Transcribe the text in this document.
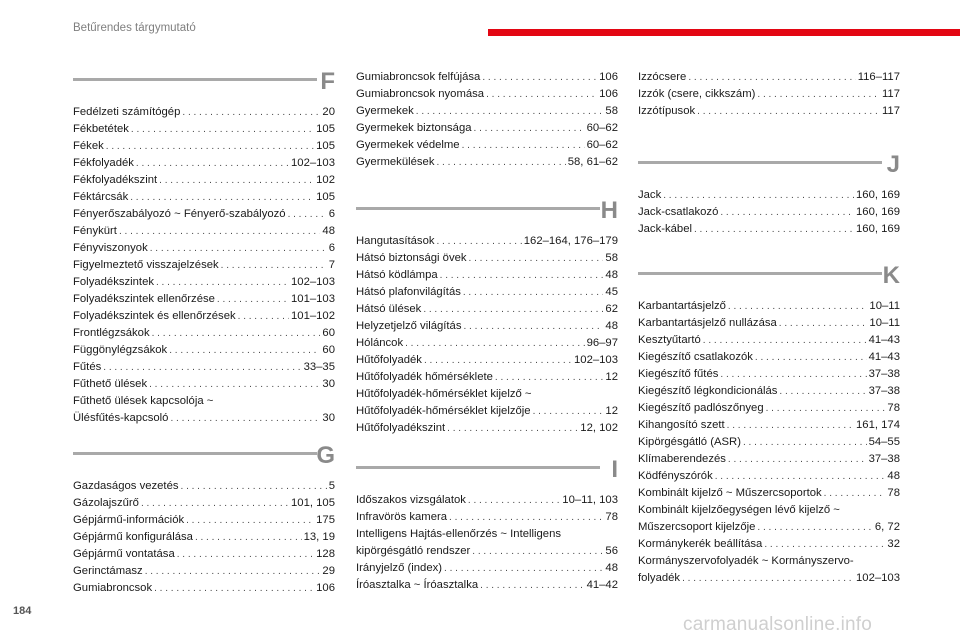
Betűrendes tárgymutató
F
Fedélzeti számítógép . . .	20
Fékbetétek . . .	105
Fékek . . .	105
Fékfolyadék . . .	102–103
Fékfolyadékszint . . .	102
Féktárcsák . . .	105
Fényerőszabályozó ~ Fényerő-szabályozó . . .	6
Fénykürt . . .	48
Fényviszonyok . . .	6
Figyelmeztető visszajelzések . . .	7
Folyadékszintek . . .	102–103
Folyadékszintek ellenőrzése . . .	101–103
Folyadékszintek és ellenőrzések . . .	101–102
Frontlégzsákok . . .	60
Függönylégzsákok . . .	60
Fűtés . . .	33–35
Fűthető ülések . . .	30
Fűthető ülések kapcsolója ~
Ülésfűtés-kapcsoló . . .	30
G
Gazdaságos vezetés . . .	5
Gázolajszűrő . . .	101, 105
Gépjármű-információk . . .	175
Gépjármű konfigurálása . . .	13, 19
Gépjármű vontatása . . .	128
Gerinctámasz . . .	29
Gumiabroncsok . . .	106
Gumiabroncsok felfújása . . .	106
Gumiabroncsok nyomása . . .	106
Gyermekek . . .	58
Gyermekek biztonsága . . .	60–62
Gyermekek védelme . . .	60–62
Gyermekülések . . .	58, 61–62
H
Hangutasítások . . .	162–164, 176–179
Hátsó biztonsági övek . . .	58
Hátsó ködlámpa . . .	48
Hátsó plafonvilágítás . . .	45
Hátsó ülések . . .	62
Helyzetjelző világítás . . .	48
Hóláncok . . .	96–97
Hűtőfolyadék . . .	102–103
Hűtőfolyadék hőmérséklete . . .	12
Hűtőfolyadék-hőmérséklet kijelző ~
Hűtőfolyadék-hőmérséklet kijelzője . . .	12
Hűtőfolyadékszint . . .	12, 102
I
Időszakos vizsgálatok . . .	10–11, 103
Infravörös kamera . . .	78
Intelligens Hajtás-ellenőrzés ~ Intelligens
kipörgésgátló rendszer . . .	56
Irányjelző (index) . . .	48
Íróasztalka ~ Íróasztalka . . .	41–42
Izzócsere . . .	116–117
Izzók (csere, cikkszám) . . .	117
Izzótípusok . . .	117
J
Jack . . .	160, 169
Jack-csatlakozó . . .	160, 169
Jack-kábel . . .	160, 169
K
Karbantartásjelző . . .	10–11
Karbantartásjelző nullázása . . .	10–11
Kesztyűtartó . . .	41–43
Kiegészítő csatlakozók . . .	41–43
Kiegészítő fűtés . . .	37–38
Kiegészítő légkondicionálás . . .	37–38
Kiegészítő padlószőnyeg . . .	78
Kihangosító szett . . .	161, 174
Kipörgésgátló (ASR) . . .	54–55
Klímaberendezés . . .	37–38
Ködfényszórók . . .	48
Kombinált kijelző ~ Műszercsoportok . . .	78
Kombinált kijelzőegységen lévő kijelző ~
Műszercsoport kijelzője . . .	6, 72
Kormánykerék beállítása . . .	32
Kormányszervofolyadék ~ Kormányszervo-
folyadék . . .	102–103
184
carmanualsonline.info
